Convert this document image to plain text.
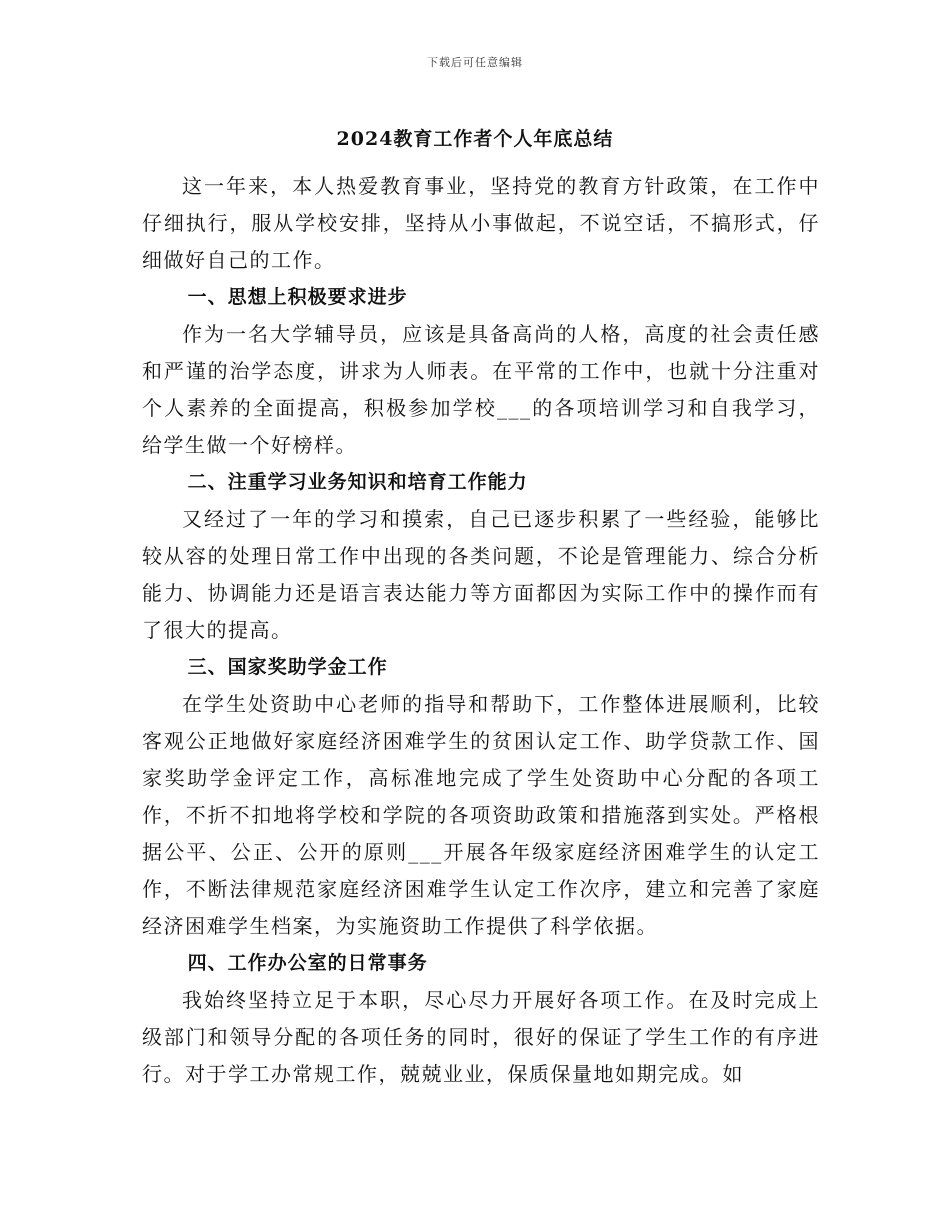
下载后可任意编辑
2024教育工作者个人年底总结

这一年来，本人热爱教育事业，坚持党的教育方针政策，在工作中仔细执行，服从学校安排，坚持从小事做起，不说空话，不搞形式，仔细做好自己的工作。

一、思想上积极要求进步

作为一名大学辅导员，应该是具备高尚的人格，高度的社会责任感和严谨的治学态度，讲求为人师表。在平常的工作中，也就十分注重对个人素养的全面提高，积极参加学校___的各项培训学习和自我学习，给学生做一个好榜样。

二、注重学习业务知识和培育工作能力

又经过了一年的学习和摸索，自己已逐步积累了一些经验，能够比较从容的处理日常工作中出现的各类问题，不论是管理能力、综合分析能力、协调能力还是语言表达能力等方面都因为实际工作中的操作而有了很大的提高。

三、国家奖助学金工作

在学生处资助中心老师的指导和帮助下，工作整体进展顺利，比较客观公正地做好家庭经济困难学生的贫困认定工作、助学贷款工作、国家奖助学金评定工作，高标准地完成了学生处资助中心分配的各项工作，不折不扣地将学校和学院的各项资助政策和措施落到实处。严格根据公平、公正、公开的原则___开展各年级家庭经济困难学生的认定工作，不断法律规范家庭经济困难学生认定工作次序，建立和完善了家庭经济困难学生档案，为实施资助工作提供了科学依据。

四、工作办公室的日常事务

我始终坚持立足于本职，尽心尽力开展好各项工作。在及时完成上级部门和领导分配的各项任务的同时，很好的保证了学生工作的有序进行。对于学工办常规工作，兢兢业业，保质保量地如期完成。如
